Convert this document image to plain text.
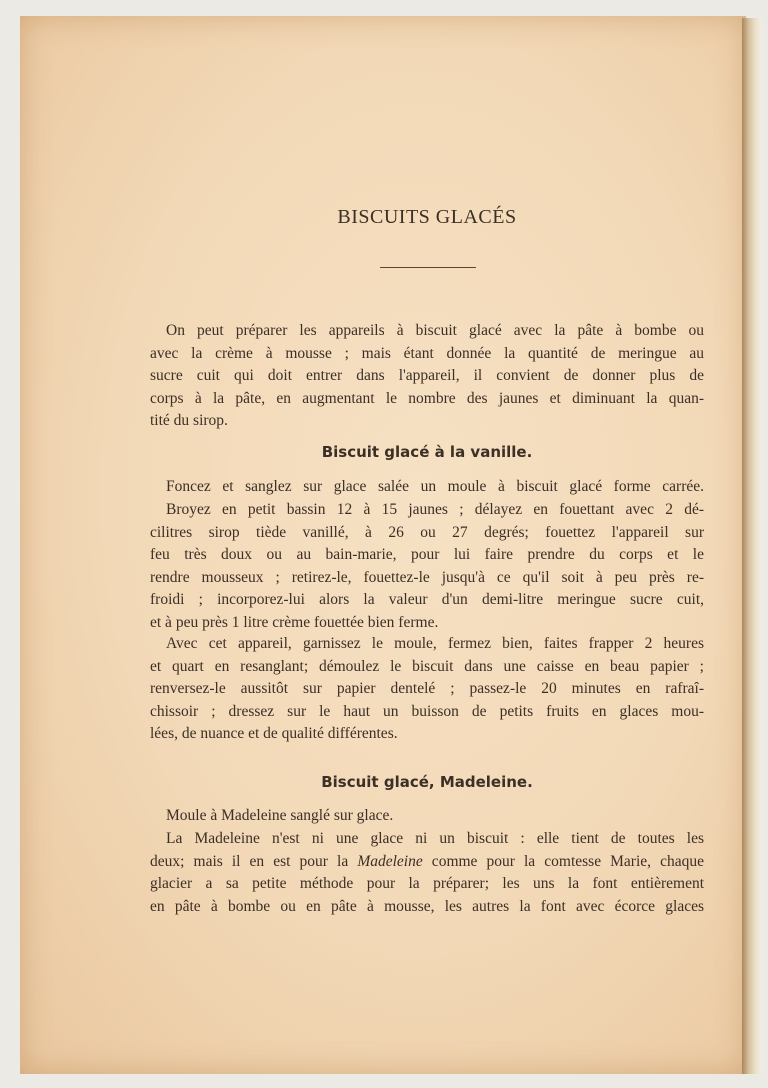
BISCUITS GLACÉS
On peut préparer les appareils à biscuit glacé avec la pâte à bombe ou
avec la crème à mousse ; mais étant donnée la quantité de meringue au
sucre cuit qui doit entrer dans l'appareil, il convient de donner plus de
corps à la pâte, en augmentant le nombre des jaunes et diminuant la quan-
tité du sirop.
Biscuit glacé à la vanille.
Foncez et sanglez sur glace salée un moule à biscuit glacé forme carrée.
Broyez en petit bassin 12 à 15 jaunes ; délayez en fouettant avec 2 dé-
cilitres sirop tiède vanillé, à 26 ou 27 degrés; fouettez l'appareil sur
feu très doux ou au bain-marie, pour lui faire prendre du corps et le
rendre mousseux ; retirez-le, fouettez-le jusqu'à ce qu'il soit à peu près re-
froidi ; incorporez-lui alors la valeur d'un demi-litre meringue sucre cuit,
et à peu près 1 litre crème fouettée bien ferme.
Avec cet appareil, garnissez le moule, fermez bien, faites frapper 2 heures
et quart en resanglant; démoulez le biscuit dans une caisse en beau papier ;
renversez-le aussitôt sur papier dentelé ; passez-le 20 minutes en rafraî-
chissoir ; dressez sur le haut un buisson de petits fruits en glaces mou-
lées, de nuance et de qualité différentes.
Biscuit glacé, Madeleine.
Moule à Madeleine sanglé sur glace.
La Madeleine n'est ni une glace ni un biscuit : elle tient de toutes les
deux; mais il en est pour la Madeleine comme pour la comtesse Marie, chaque
glacier a sa petite méthode pour la préparer; les uns la font entièrement
en pâte à bombe ou en pâte à mousse, les autres la font avec écorce glaces
